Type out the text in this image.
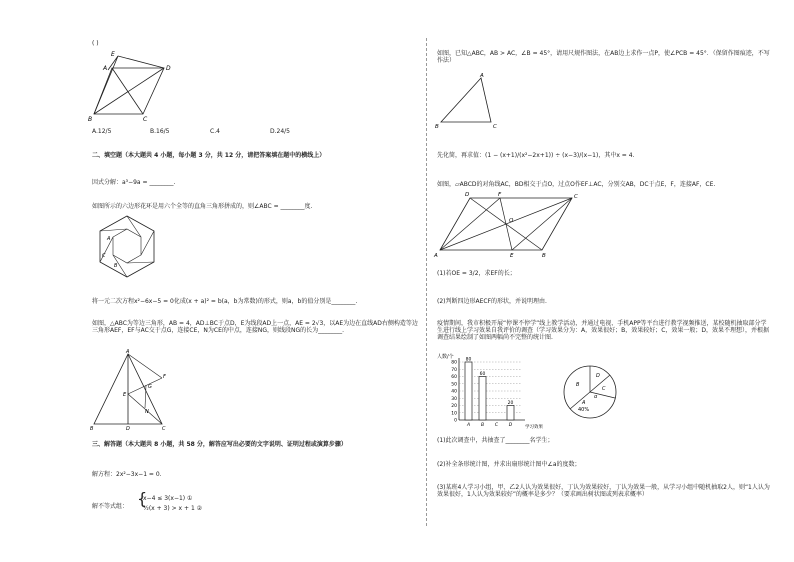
( )
E
A	D
B	C
A.12/5	B.16/5	C.4	D.24/5
二、填空题（本大题共 4 小题，每小题 3 分，共 12 分，请把答案填在题中的横线上）
因式分解：a³−9a = ________.
如图所示的六边形花环是用六个全等的直角三角形拼成的，则∠ABC = ________度.
A
C
B
将一元二次方程x²−6x−5 = 0化成(x + a)² = b(a，b为常数)的形式，则a，b的值分别是________.
如图，△ABC为等边三角形，AB = 4，AD⊥BC于点D，E为线段AD上一点，AE = 2√3，以AE为边在直线AD右侧构造等边三角形AEF，EF与AC交于点G，连接CE，N为CE的中点，连接NG，则线段NG的长为________.
A
F
G
E
N
B	D	C
三、解答题（本大题共 8 小题，共 58 分，解答应写出必要的文字说明、证明过程或演算步骤）
解方程：2x²−3x−1 = 0.
解不等式组： {
x−4 ≤ 3(x−1) ①
½(x + 3) > x + 1 ②
如图，已知△ABC，AB > AC，∠B = 45°，请用尺规作图法，在AB边上求作一点P，使∠PCB = 45°．（保留作图痕迹，不写作法）
A
B	C
先化简，再求值：(1 − (x+1)/(x²−2x+1)) ÷ (x−3)/(x−1)，其中x = 4.
如图，▱ABCD的对角线AC，BD相交于点O，过点O作EF⊥AC，分别交AB，DC于点E，F，连接AF，CE.
D	F	C
O
A	E	B
(1)若OE = 3/2，求EF的长；
(2)判断四边形AECF的形状，并说明理由.
疫情期间，我市积极开展“停课不停学”线上教学活动，并通过电视、手机APP等平台进行教学视频推送，某校随机抽取部分学生进行线上学习效果自我评价的调查（学习效果分为：A，效果很好；B，效果较好；C，效果一般；D，效果不理想），并根据调查结果绘制了如图两幅尚不完整的统计图.
人数/个
学习效果
0
10
20
30
40
50
60
70
80
80
A
60
B C
20
D
D
C
B
α
A
40%
(1)此次调查中，共抽查了________名学生；
(2)补全条形统计图，并求出扇形统计图中∠a的度数；
(3)某班4人学习小组，甲、乙2人认为效果很好，丁认为效果较好，丁认为效果一般，从学习小组中随机抽取2人，则“1人认为效果很好，1人认为效果较好”的概率是多少？（要求画出树状图或列表求概率）
